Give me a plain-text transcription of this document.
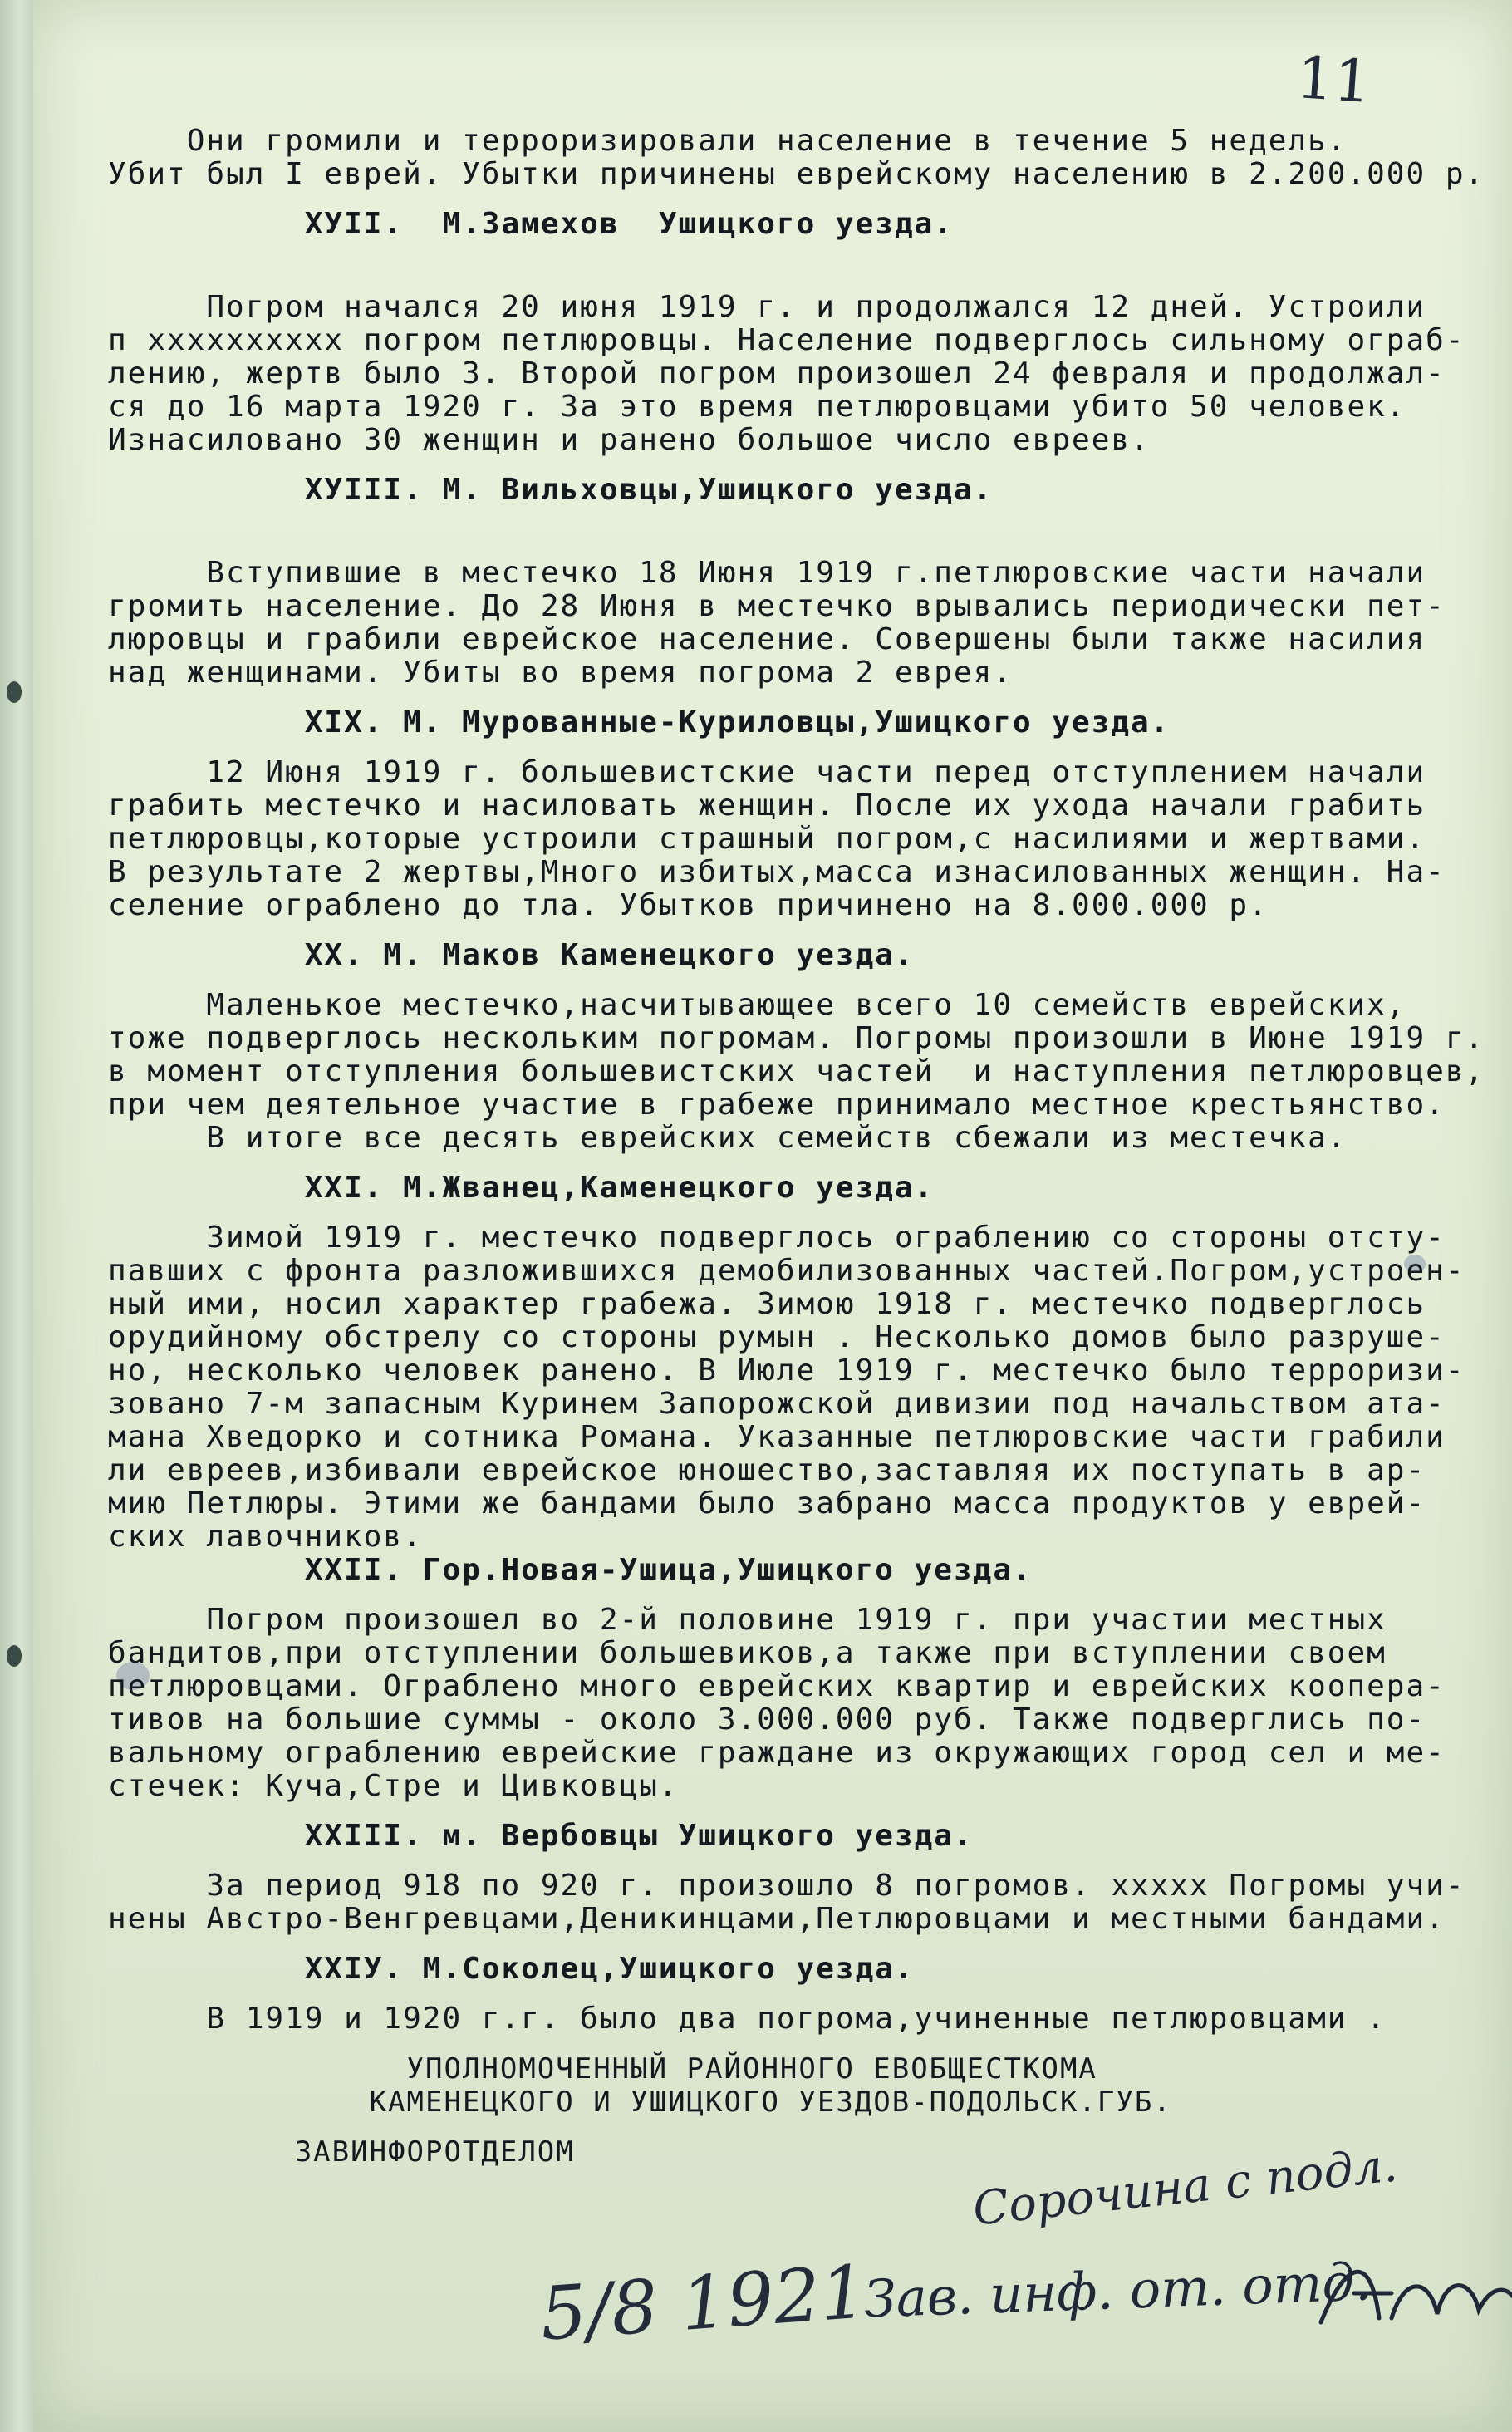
11
Они громили и терроризировали население в течение 5 недель.
Убит был I еврей. Убытки причинены еврейскому населению в 2.200.000 р.
ХУII.  М.Замехов  Ушицкого уезда.
Погром начался 20 июня 1919 г. и продолжался 12 дней. Устроили
п xxxxxxxxxx погром петлюровцы. Население подверглось сильному ограб-
лению, жертв было 3. Второй погром произошел 24 февраля и продолжал-
ся до 16 марта 1920 г. За это время петлюровцами убито 50 человек.
Изнасиловано 30 женщин и ранено большое число евреев.
ХУIII. М. Вильховцы,Ушицкого уезда.
Вступившие в местечко 18 Июня 1919 г.петлюровские части начали
громить население. До 28 Июня в местечко врывались периодически пет-
люровцы и грабили еврейское население. Совершены были также насилия
над женщинами. Убиты во время погрома 2 еврея.
XIX. М. Мурованные-Куриловцы,Ушицкого уезда.
12 Июня 1919 г. большевистские части перед отступлением начали
грабить местечко и насиловать женщин. После их ухода начали грабить
петлюровцы,которые устроили страшный погром,с насилиями и жертвами.
В результате 2 жертвы,Много избитых,масса изнасилованных женщин. На-
селение ограблено до тла. Убытков причинено на 8.000.000 р.
XX. М. Маков Каменецкого уезда.
Маленькое местечко,насчитывающее всего 10 семейств еврейских,
тоже подверглось нескольким погромам. Погромы произошли в Июне 1919 г.
в момент отступления большевистских частей  и наступления петлюровцев,
при чем деятельное участие в грабеже принимало местное крестьянство.
В итоге все десять еврейских семейств сбежали из местечка.
XXI. М.Жванец,Каменецкого уезда.
Зимой 1919 г. местечко подверглось ограблению со стороны отсту-
павших с фронта разложившихся демобилизованных частей.Погром,устроен-
ный ими, носил характер грабежа. Зимою 1918 г. местечко подверглось
орудийному обстрелу со стороны румын . Несколько домов было разруше-
но, несколько человек ранено. В Июле 1919 г. местечко было терроризи-
зовано 7-м запасным Куринем Запорожской дивизии под начальством ата-
мана Хведорко и сотника Романа. Указанные петлюровские части грабили
ли евреев,избивали еврейское юношество,заставляя их поступать в ар-
мию Петлюры. Этими же бандами было забрано масса продуктов у еврей-
ских лавочников.
XXII. Гор.Новая-Ушица,Ушицкого уезда.
Погром произошел во 2-й половине 1919 г. при участии местных
бандитов,при отступлении большевиков,а также при вступлении своем
петлюровцами. Ограблено много еврейских квартир и еврейских коопера-
тивов на большие суммы - около 3.000.000 руб. Также подверглись по-
вальному ограблению еврейские граждане из окружающих город сел и ме-
стечек: Куча,Стре и Цивковцы.
XXIII. м. Вербовцы Ушицкого уезда.
За период 918 по 920 г. произошло 8 погромов. xxxxx Погромы учи-
нены Австро-Венгревцами,Деникинцами,Петлюровцами и местными бандами.
XXIУ. М.Соколец,Ушицкого уезда.
В 1919 и 1920 г.г. было два погрома,учиненные петлюровцами .
УПОЛНОМОЧЕННЫЙ РАЙОННОГО ЕВОБЩЕСТКОМА
КАМЕНЕЦКОГО И УШИЦКОГО УЕЗДОВ-ПОДОЛЬСК.ГУБ.
ЗАВИНФОРОТДЕЛОМ	Сорочина с подл.
5/8 1921
Зав. инф. от. отд.
